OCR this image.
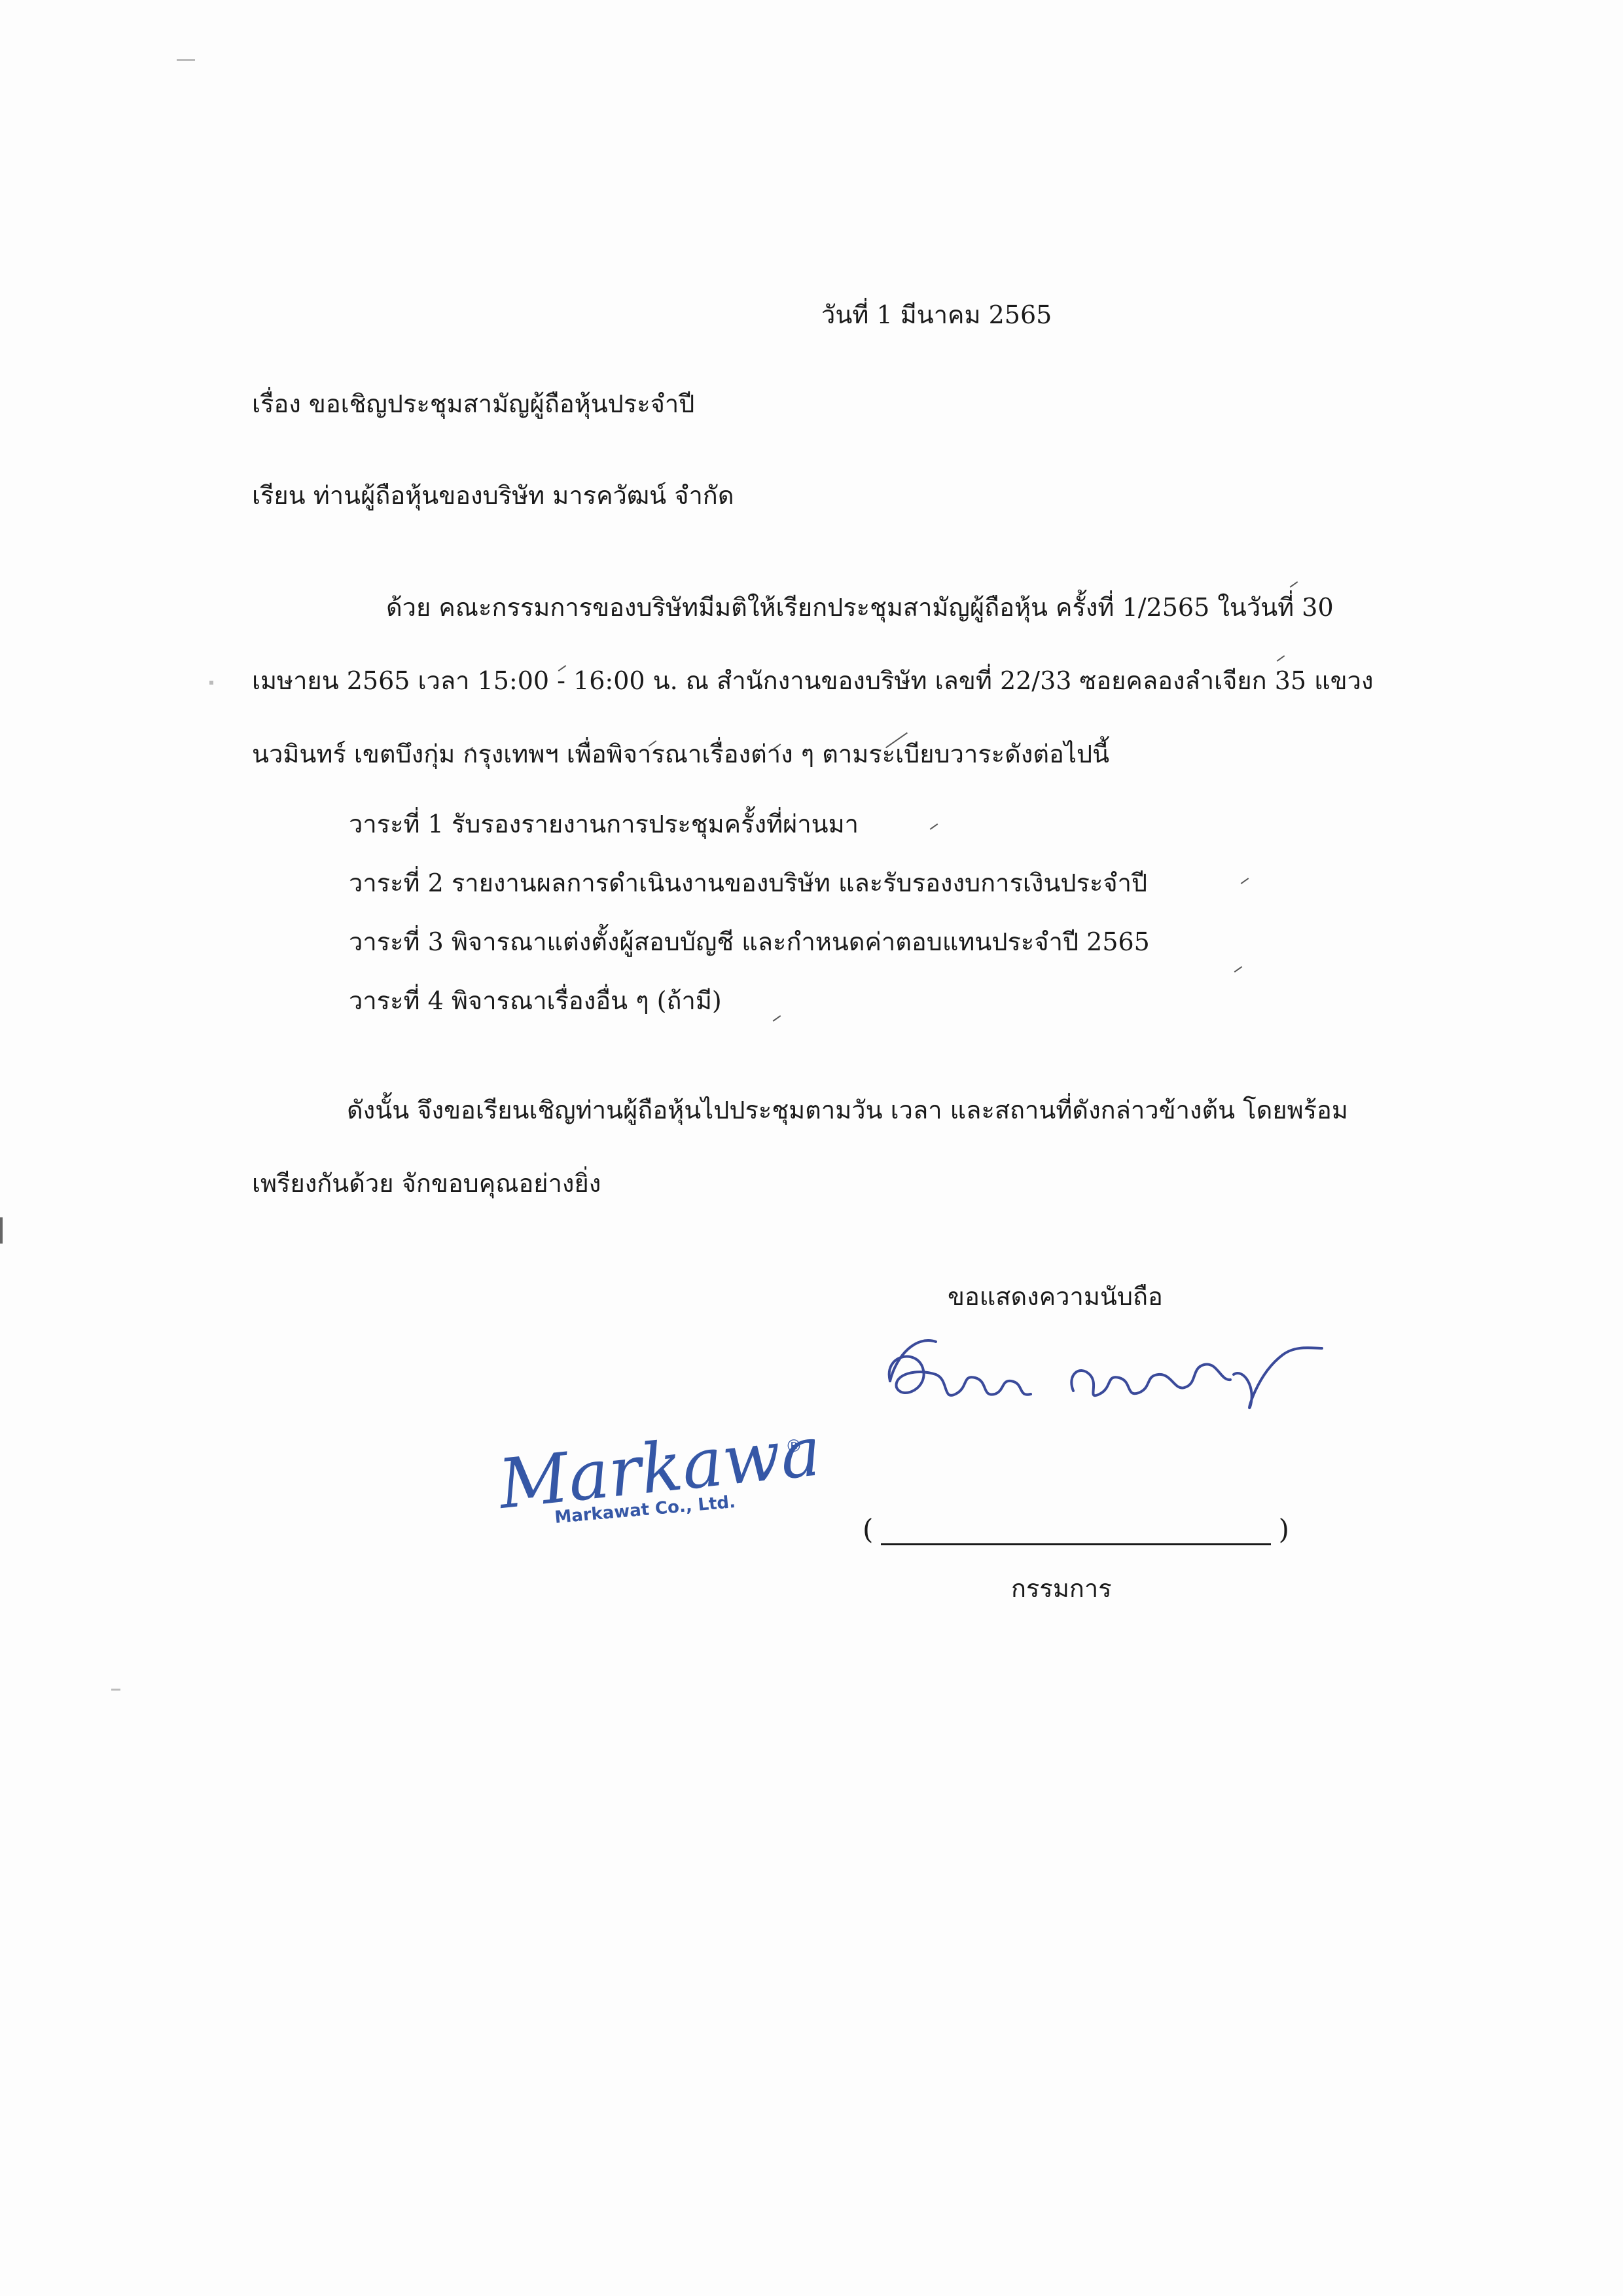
วันที่ 1 มีนาคม 2565
เรื่อง ขอเชิญประชุมสามัญผู้ถือหุ้นประจำปี
เรียน ท่านผู้ถือหุ้นของบริษัท มารควัฒน์ จำกัด
ด้วย คณะกรรมการของบริษัทมีมติให้เรียกประชุมสามัญผู้ถือหุ้น ครั้งที่ 1/2565 ในวันที่ 30 เมษายน 2565 เวลา 15:00 - 16:00 น. ณ สำนักงานของบริษัท เลขที่ 22/33 ซอยคลองลำเจียก 35 แขวงนวมินทร์ เขตบึงกุ่ม กรุงเทพฯ เพื่อพิจารณาเรื่องต่าง ๆ ตามระเบียบวาระดังต่อไปนี้
วาระที่ 1 รับรองรายงานการประชุมครั้งที่ผ่านมา
วาระที่ 2 รายงานผลการดำเนินงานของบริษัท และรับรองงบการเงินประจำปี
วาระที่ 3 พิจารณาแต่งตั้งผู้สอบบัญชี และกำหนดค่าตอบแทนประจำปี 2565
วาระที่ 4 พิจารณาเรื่องอื่น ๆ (ถ้ามี)
ดังนั้น จึงขอเรียนเชิญท่านผู้ถือหุ้นไปประชุมตามวัน เวลา และสถานที่ดังกล่าวข้างต้น โดยพร้อมเพรียงกันด้วย จักขอบคุณอย่างยิ่ง
ขอแสดงความนับถือ
Markawat
®
Markawat Co., Ltd.
(	)
กรรมการ
